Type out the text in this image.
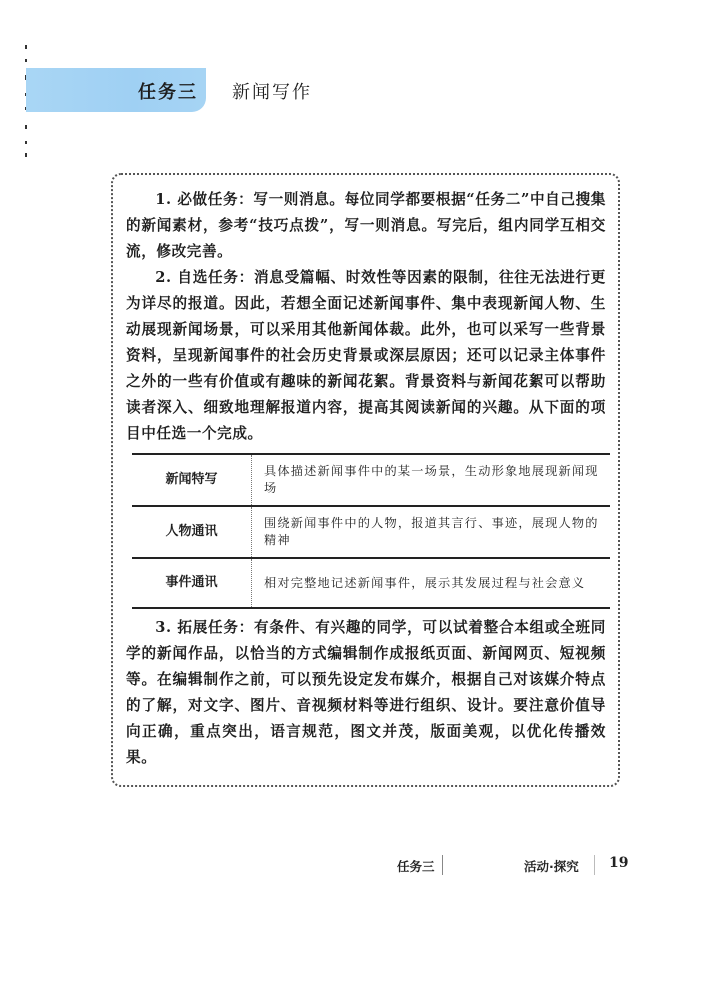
任务三 新闻写作

1. 必做任务：写一则消息。每位同学都要根据“任务二”中自己搜集的新闻素材，参考“技巧点拨”，写一则消息。写完后，组内同学互相交流，修改完善。

2. 自选任务：消息受篇幅、时效性等因素的限制，往往无法进行更为详尽的报道。因此，若想全面记述新闻事件、集中表现新闻人物、生动展现新闻场景，可以采用其他新闻体裁。此外，也可以采写一些背景资料，呈现新闻事件的社会历史背景或深层原因；还可以记录主体事件之外的一些有价值或有趣味的新闻花絮。背景资料与新闻花絮可以帮助读者深入、细致地理解报道内容，提高其阅读新闻的兴趣。从下面的项目中任选一个完成。

新闻特写	具体描述新闻事件中的某一场景，生动形象地展现新闻现场
人物通讯	围绕新闻事件中的人物，报道其言行、事迹，展现人物的精神
事件通讯	相对完整地记述新闻事件，展示其发展过程与社会意义

3. 拓展任务：有条件、有兴趣的同学，可以试着整合本组或全班同学的新闻作品，以恰当的方式编辑制作成报纸页面、新闻网页、短视频等。在编辑制作之前，可以预先设定发布媒介，根据自己对该媒介特点的了解，对文字、图片、音视频材料等进行组织、设计。要注意价值导向正确，重点突出，语言规范，图文并茂，版面美观，以优化传播效果。

任务三	活动·探究 19
